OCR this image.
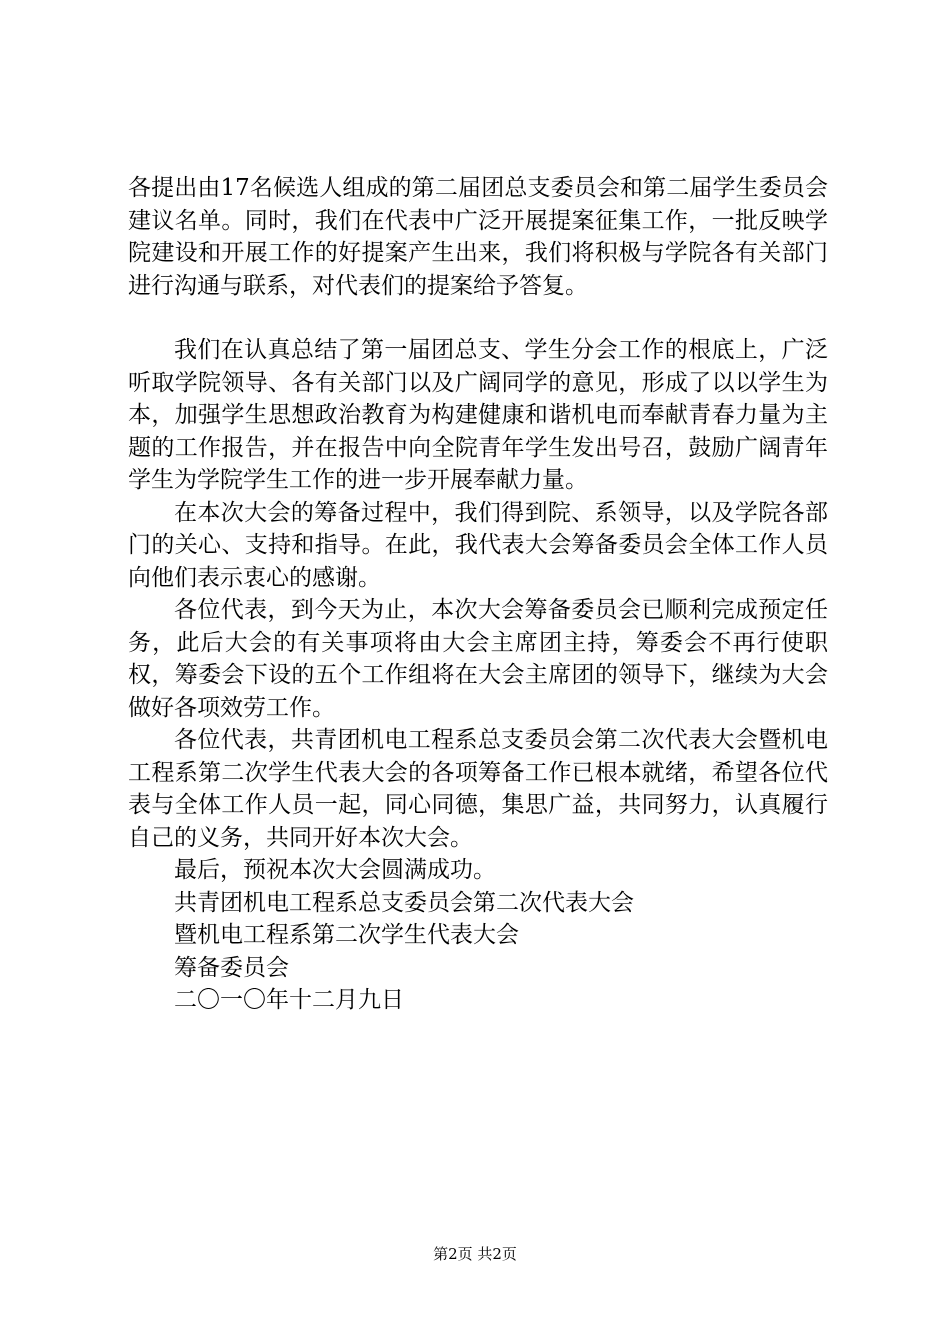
各提出由17名候选人组成的第二届团总支委员会和第二届学生委员会建议名单。同时，我们在代表中广泛开展提案征集工作，一批反映学院建设和开展工作的好提案产生出来，我们将积极与学院各有关部门进行沟通与联系，对代表们的提案给予答复。

我们在认真总结了第一届团总支、学生分会工作的根底上，广泛听取学院领导、各有关部门以及广阔同学的意见，形成了以以学生为本，加强学生思想政治教育为构建健康和谐机电而奉献青春力量为主题的工作报告，并在报告中向全院青年学生发出号召，鼓励广阔青年学生为学院学生工作的进一步开展奉献力量。

在本次大会的筹备过程中，我们得到院、系领导，以及学院各部门的关心、支持和指导。在此，我代表大会筹备委员会全体工作人员向他们表示衷心的感谢。

各位代表，到今天为止，本次大会筹备委员会已顺利完成预定任务，此后大会的有关事项将由大会主席团主持，筹委会不再行使职权，筹委会下设的五个工作组将在大会主席团的领导下，继续为大会做好各项效劳工作。

各位代表，共青团机电工程系总支委员会第二次代表大会暨机电工程系第二次学生代表大会的各项筹备工作已根本就绪，希望各位代表与全体工作人员一起，同心同德，集思广益，共同努力，认真履行自己的义务，共同开好本次大会。

最后，预祝本次大会圆满成功。

共青团机电工程系总支委员会第二次代表大会

暨机电工程系第二次学生代表大会

筹备委员会

二〇一〇年十二月九日

第2页 共2页
